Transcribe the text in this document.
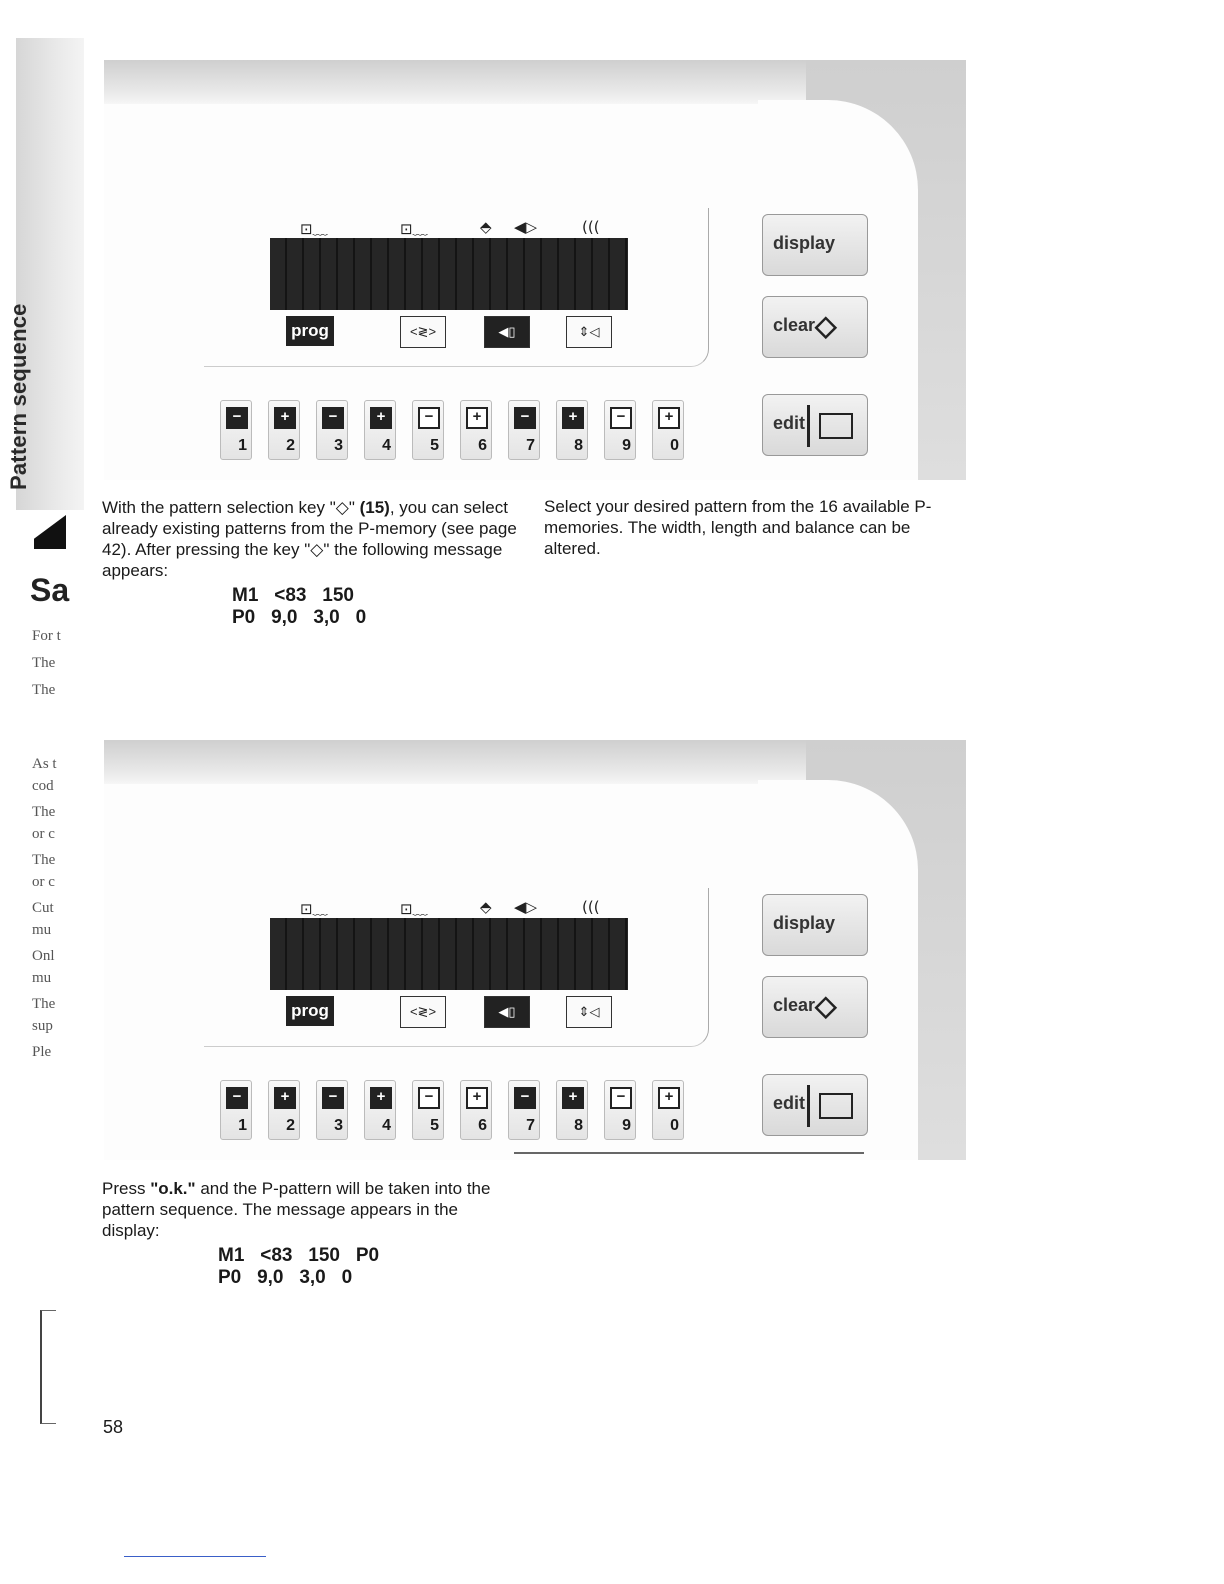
Pattern sequence
Sa
For t
The
The
As t
cod
The
or c
The
or c
Cut
mu
Onl
mu
The
sup
Ple
⊡﹏	⊡﹏	⬘ ◀▷	(((
prog	<≷>	◀▯	⇕◁
−
1
+
2
−
3
+
4
−
5
+
6
−
7
+
8
−
9
+
0
display
clear ◇
edit
⊡﹏	⊡﹏	⬘ ◀▷	(((
prog	<≷>	◀▯	⇕◁
−
1
+
2
−
3
+
4
−
5
+
6
−
7
+
8
−
9
+
0
display
clear ◇
edit
With the pattern selection key "◇" (15), you can select already existing patterns from the P-memory (see page 42). After pressing the key "◇" the following message appears:
Select your desired pattern from the 16 available P-memories. The width, length and balance can be altered.
M1   <83   150
P0   9,0   3,0   0
Press "o.k." and the P-pattern will be taken into the pattern sequence. The message appears in the display:
M1   <83   150   P0
P0   9,0   3,0   0
58
